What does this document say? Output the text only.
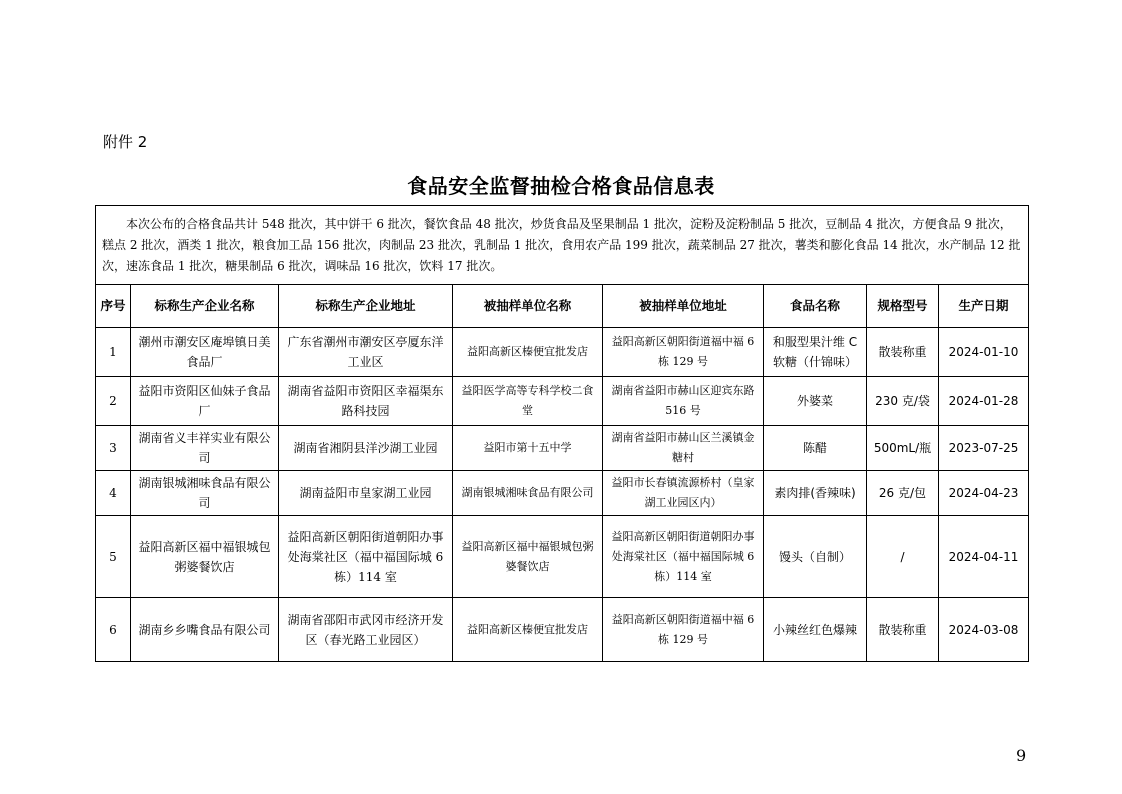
附件 2
食品安全监督抽检合格食品信息表
本次公布的合格食品共计 548 批次，其中饼干 6 批次，餐饮食品 48 批次，炒货食品及坚果制品 1 批次，淀粉及淀粉制品 5 批次，豆制品 4 批次，方便食品 9 批次，糕点 2 批次，酒类 1 批次，粮食加工品 156 批次，肉制品 23 批次，乳制品 1 批次，食用农产品 199 批次，蔬菜制品 27 批次，薯类和膨化食品 14 批次，水产制品 12 批次，速冻食品 1 批次，糖果制品 6 批次，调味品 16 批次，饮料 17 批次。							
序号	标称生产企业名称	标称生产企业地址	被抽样单位名称	被抽样单位地址	食品名称	规格型号	生产日期
1	潮州市潮安区庵埠镇日美食品厂	广东省潮州市潮安区亭厦东洋工业区	益阳高新区榛便宜批发店	益阳高新区朝阳街道福中福 6 栋 129 号	和服型果汁维 C 软糖（什锦味）	散装称重	2024-01-10
2	益阳市资阳区仙妹子食品厂	湖南省益阳市资阳区幸福渠东路科技园	益阳医学高等专科学校二食堂	湖南省益阳市赫山区迎宾东路 516 号	外婆菜	230 克/袋	2024-01-28
3	湖南省义丰祥实业有限公司	湖南省湘阴县洋沙湖工业园	益阳市第十五中学	湖南省益阳市赫山区兰溪镇金糖村	陈醋	500mL/瓶	2023-07-25
4	湖南银城湘味食品有限公司	湖南益阳市皇家湖工业园	湖南银城湘味食品有限公司	益阳市长春镇流源桥村（皇家湖工业园区内）	素肉排(香辣味)	26 克/包	2024-04-23
5	益阳高新区福中福银城包粥婆餐饮店	益阳高新区朝阳街道朝阳办事处海棠社区（福中福国际城 6 栋）114 室	益阳高新区福中福银城包粥婆餐饮店	益阳高新区朝阳街道朝阳办事处海棠社区（福中福国际城 6 栋）114 室	馒头（自制）	/	2024-04-11
6	湖南乡乡嘴食品有限公司	湖南省邵阳市武冈市经济开发区（春光路工业园区）	益阳高新区榛便宜批发店	益阳高新区朝阳街道福中福 6 栋 129 号	小辣丝红色爆辣	散装称重	2024-03-08
9
